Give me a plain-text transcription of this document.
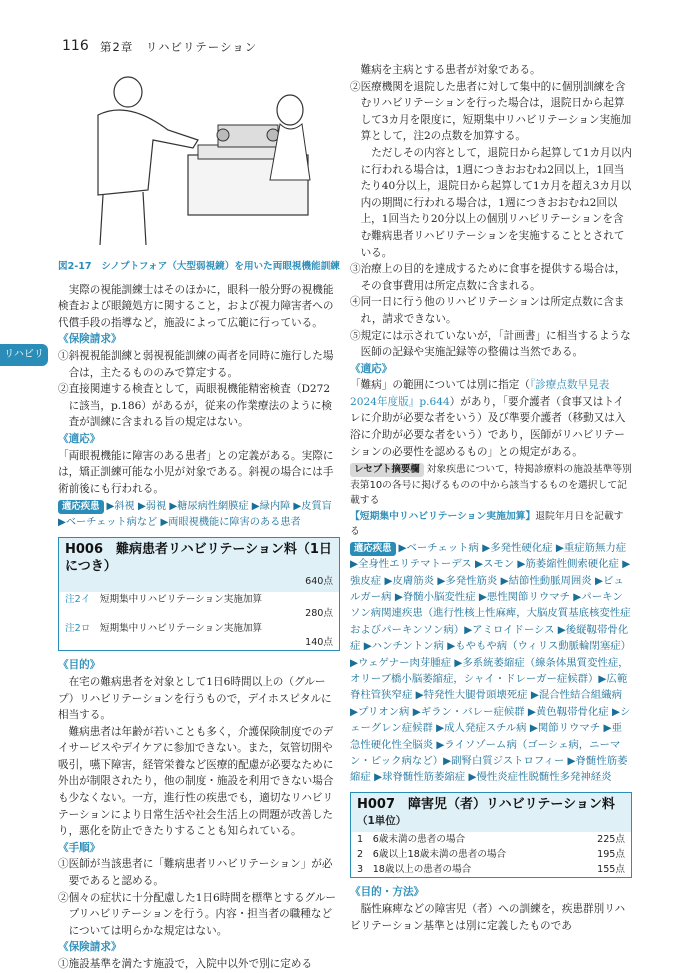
116 第2章　リハビリテーション
リハビリ

図2-17　シノプトフォア（大型弱視鏡）を用いた両眼視機能訓練

実際の視能訓練士はそのほかに，眼科一般分野の視機能検査および眼鏡処方に関すること，および視力障害者への代償手段の指導など，施設によって広範に行っている。

《保険請求》

①斜視視能訓練と弱視視能訓練の両者を同時に施行した場合は，主たるもののみで算定する。

②直接関連する検査として，両眼視機能精密検査（D272に該当，p.186）があるが，従来の作業療法のように検査が訓練に含まれる旨の規定はない。

《適応》

「両眼視機能に障害のある患者」との定義がある。実際には，矯正訓練可能な小児が対象である。斜視の場合には手術前後にも行われる。

適応疾患 ▶斜視 ▶弱視 ▶糖尿病性網膜症 ▶緑内障 ▶皮質盲 ▶ベーチェット病など ▶両眼視機能に障害のある患者
H006　難病患者リハビリテーション料（1日につき）
640点
注2イ　 短期集中リハビリテーション実施加算
280点
注2ロ　 短期集中リハビリテーション実施加算
140点

《目的》

在宅の難病患者を対象として1日6時間以上の（グループ）リハビリテーションを行うもので，デイホスピタルに相当する。

難病患者は年齢が若いことも多く，介護保険制度でのデイサービスやデイケアに参加できない。また，気管切開や吸引，嚥下障害，経管栄養など医療的配慮が必要なために外出が制限されたり，他の制度・施設を利用できない場合も少なくない。一方，進行性の疾患でも，適切なリハビリテーションにより日常生活や社会生活上の問題が改善したり，悪化を防止できたりすることも知られている。

《手順》

①医師が当該患者に「難病患者リハビリテーション」が必要であると認める。

②個々の症状に十分配慮した1日6時間を標準とするグループリハビリテーションを行う。内容・担当者の職種などについては明らかな規定はない。

《保険請求》

①施設基準を満たす施設で，入院中以外で別に定める

難病を主病とする患者が対象である。

②医療機関を退院した患者に対して集中的に個別訓練を含むリハビリテーションを行った場合は，退院日から起算して3カ月を限度に，短期集中リハビリテーション実施加算として，注2の点数を加算する。

ただしその内容として，退院日から起算して1カ月以内に行われる場合は，1週につきおおむね2回以上，1回当たり40分以上，退院日から起算して1カ月を超え3カ月以内の期間に行われる場合は，1週につきおおむね2回以上，1回当たり20分以上の個別リハビリテーションを含む難病患者リハビリテーションを実施することとされている。

③治療上の目的を達成するために食事を提供する場合は，その食事費用は所定点数に含まれる。

④同一日に行う他のリハビリテーションは所定点数に含まれ，請求できない。

⑤規定には示されていないが，「計画書」に相当するような医師の記録や実施記録等の整備は当然である。

《適応》

「難病」の範囲については別に指定（『診療点数早見表2024年度版』p.644）があり，「要介護者（食事又はトイレに介助が必要な者をいう）及び準要介護者（移動又は入浴に介助が必要な者をいう）であり，医師がリハビリテーションの必要性を認めるもの」との規定がある。

レセプト摘要欄 対象疾患について，特掲診療料の施設基準等別表第10の各号に掲げるものの中から該当するものを選択して記載する
【短期集中リハビリテーション実施加算】退院年月日を記載する

適応疾患 ▶ベーチェット病 ▶多発性硬化症 ▶重症筋無力症 ▶全身性エリテマトーデス ▶スモン ▶筋萎縮性側索硬化症 ▶強皮症 ▶皮膚筋炎 ▶多発性筋炎 ▶結節性動脈周囲炎 ▶ビュルガー病 ▶脊髄小脳変性症 ▶悪性関節リウマチ ▶パーキンソン病関連疾患（進行性核上性麻痺，大脳皮質基底核変性症およびパーキンソン病）▶アミロイドーシス ▶後縦靱帯骨化症 ▶ハンチントン病 ▶もやもや病（ウィリス動脈輪閉塞症）▶ウェゲナー肉芽腫症 ▶多系統萎縮症（線条体黒質変性症，オリーブ橋小脳萎縮症，シャイ・ドレーガー症候群）▶広範脊柱管狭窄症 ▶特発性大腿骨頭壊死症 ▶混合性結合組織病 ▶プリオン病 ▶ギラン・バレー症候群 ▶黄色靱帯骨化症 ▶シェーグレン症候群 ▶成人発症スチル病 ▶関節リウマチ ▶亜急性硬化性全脳炎 ▶ライソゾーム病（ゴーシェ病，ニーマン・ピック病など）▶副腎白質ジストロフィー ▶脊髄性筋萎縮症 ▶球脊髄性筋萎縮症 ▶慢性炎症性脱髄性多発神経炎

H007　障害児（者）リハビリテーション料
（1単位）
1　 6歳未満の患者の場合	225点
2　 6歳以上18歳未満の患者の場合	195点
3　 18歳以上の患者の場合	155点

《目的・方法》

脳性麻痺などの障害児（者）への訓練を，疾患群別リハビリテーション基準とは別に定義したものであ
